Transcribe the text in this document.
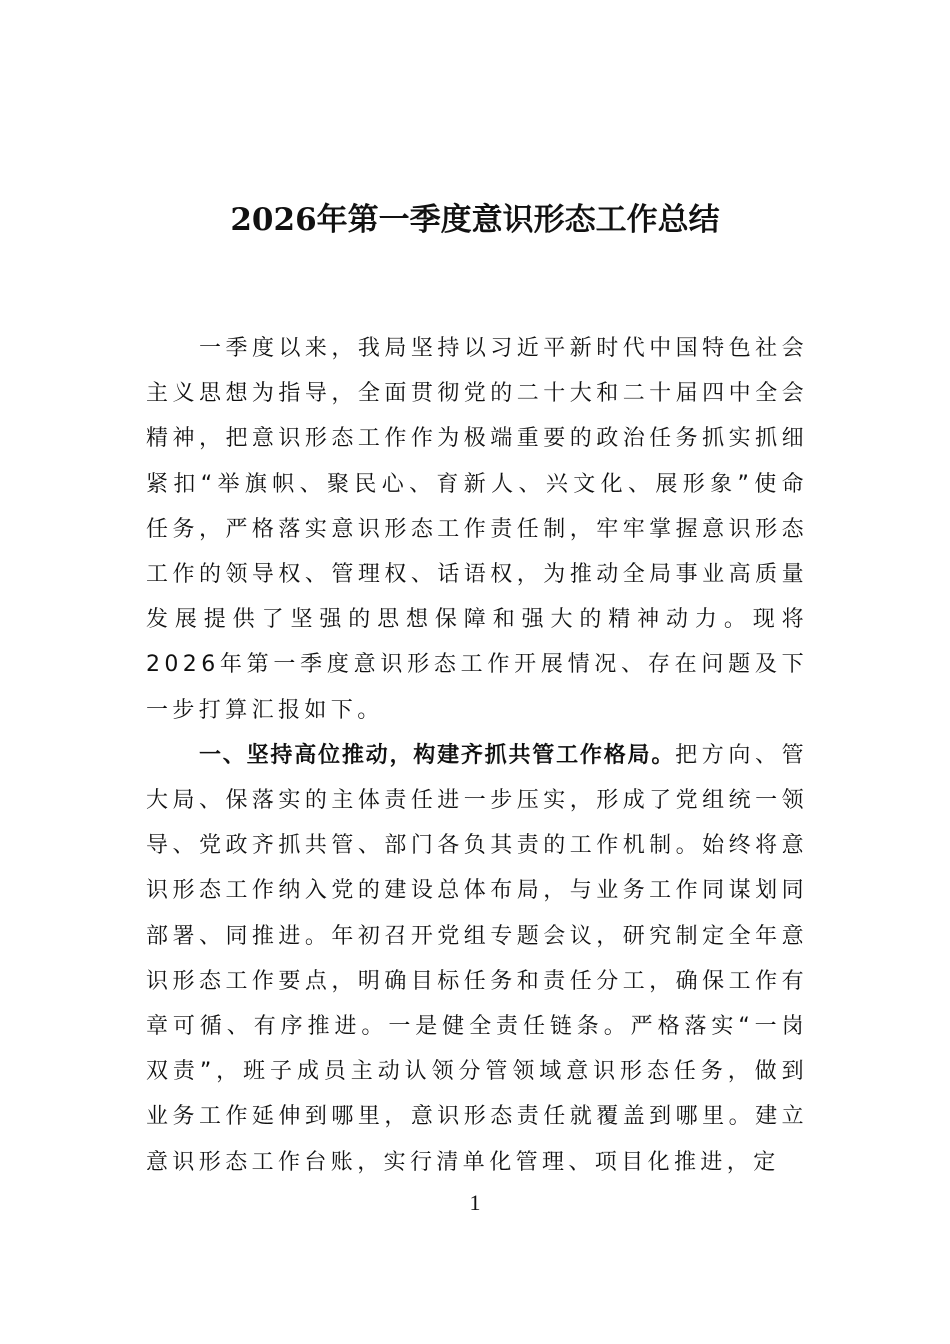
2026年第一季度意识形态工作总结

一季度以来，我局坚持以习近平新时代中国特色社会主义思想为指导，全面贯彻党的二十大和二十届四中全会精神，把意识形态工作作为极端重要的政治任务抓实抓细紧扣“举旗帜、聚民心、育新人、兴文化、展形象”使命任务，严格落实意识形态工作责任制，牢牢掌握意识形态工作的领导权、管理权、话语权，为推动全局事业高质量发展提供了坚强的思想保障和强大的精神动力。现将2026年第一季度意识形态工作开展情况、存在问题及下一步打算汇报如下。

一、坚持高位推动，构建齐抓共管工作格局。把方向、管大局、保落实的主体责任进一步压实，形成了党组统一领导、党政齐抓共管、部门各负其责的工作机制。始终将意识形态工作纳入党的建设总体布局，与业务工作同谋划同部署、同推进。年初召开党组专题会议，研究制定全年意识形态工作要点，明确目标任务和责任分工，确保工作有章可循、有序推进。一是健全责任链条。严格落实“一岗双责”，班子成员主动认领分管领域意识形态任务，做到业务工作延伸到哪里，意识形态责任就覆盖到哪里。建立意识形态工作台账，实行清单化管理、项目化推进，定

1
